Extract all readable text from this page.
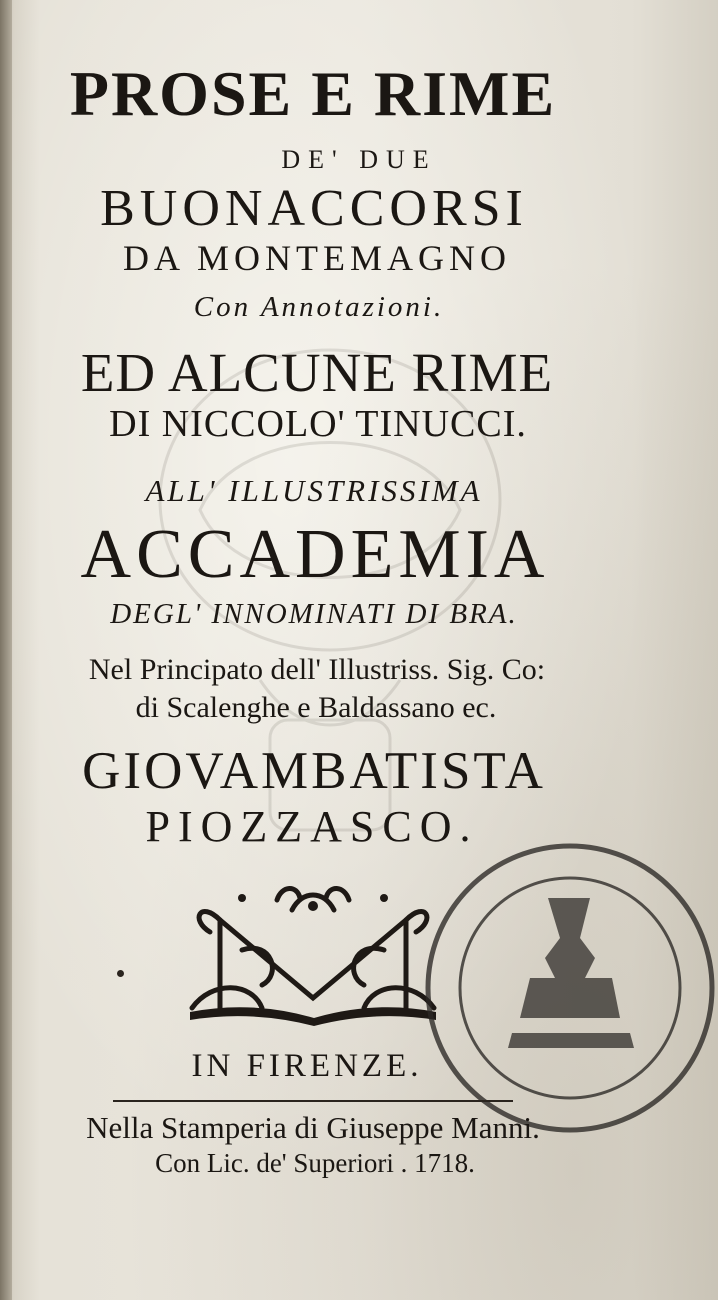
PROSE E RIME

DE' DUE

BUONACCORSI

DA MONTEMAGNO

Con Annotazioni.

ED ALCUNE RIME

DI NICCOLO' TINUCCI.

ALL' ILLUSTRISSIMA

ACCADEMIA

DEGL' INNOMINATI DI BRA.

Nel Principato dell' Illustriss. Sig. Co:

di Scalenghe e Baldassano ec.

GIOVAMBATISTA

PIOZZASCO.

IN FIRENZE.

Nella Stamperia di Giuseppe Manni.

Con Lic. de' Superiori . 1718.
